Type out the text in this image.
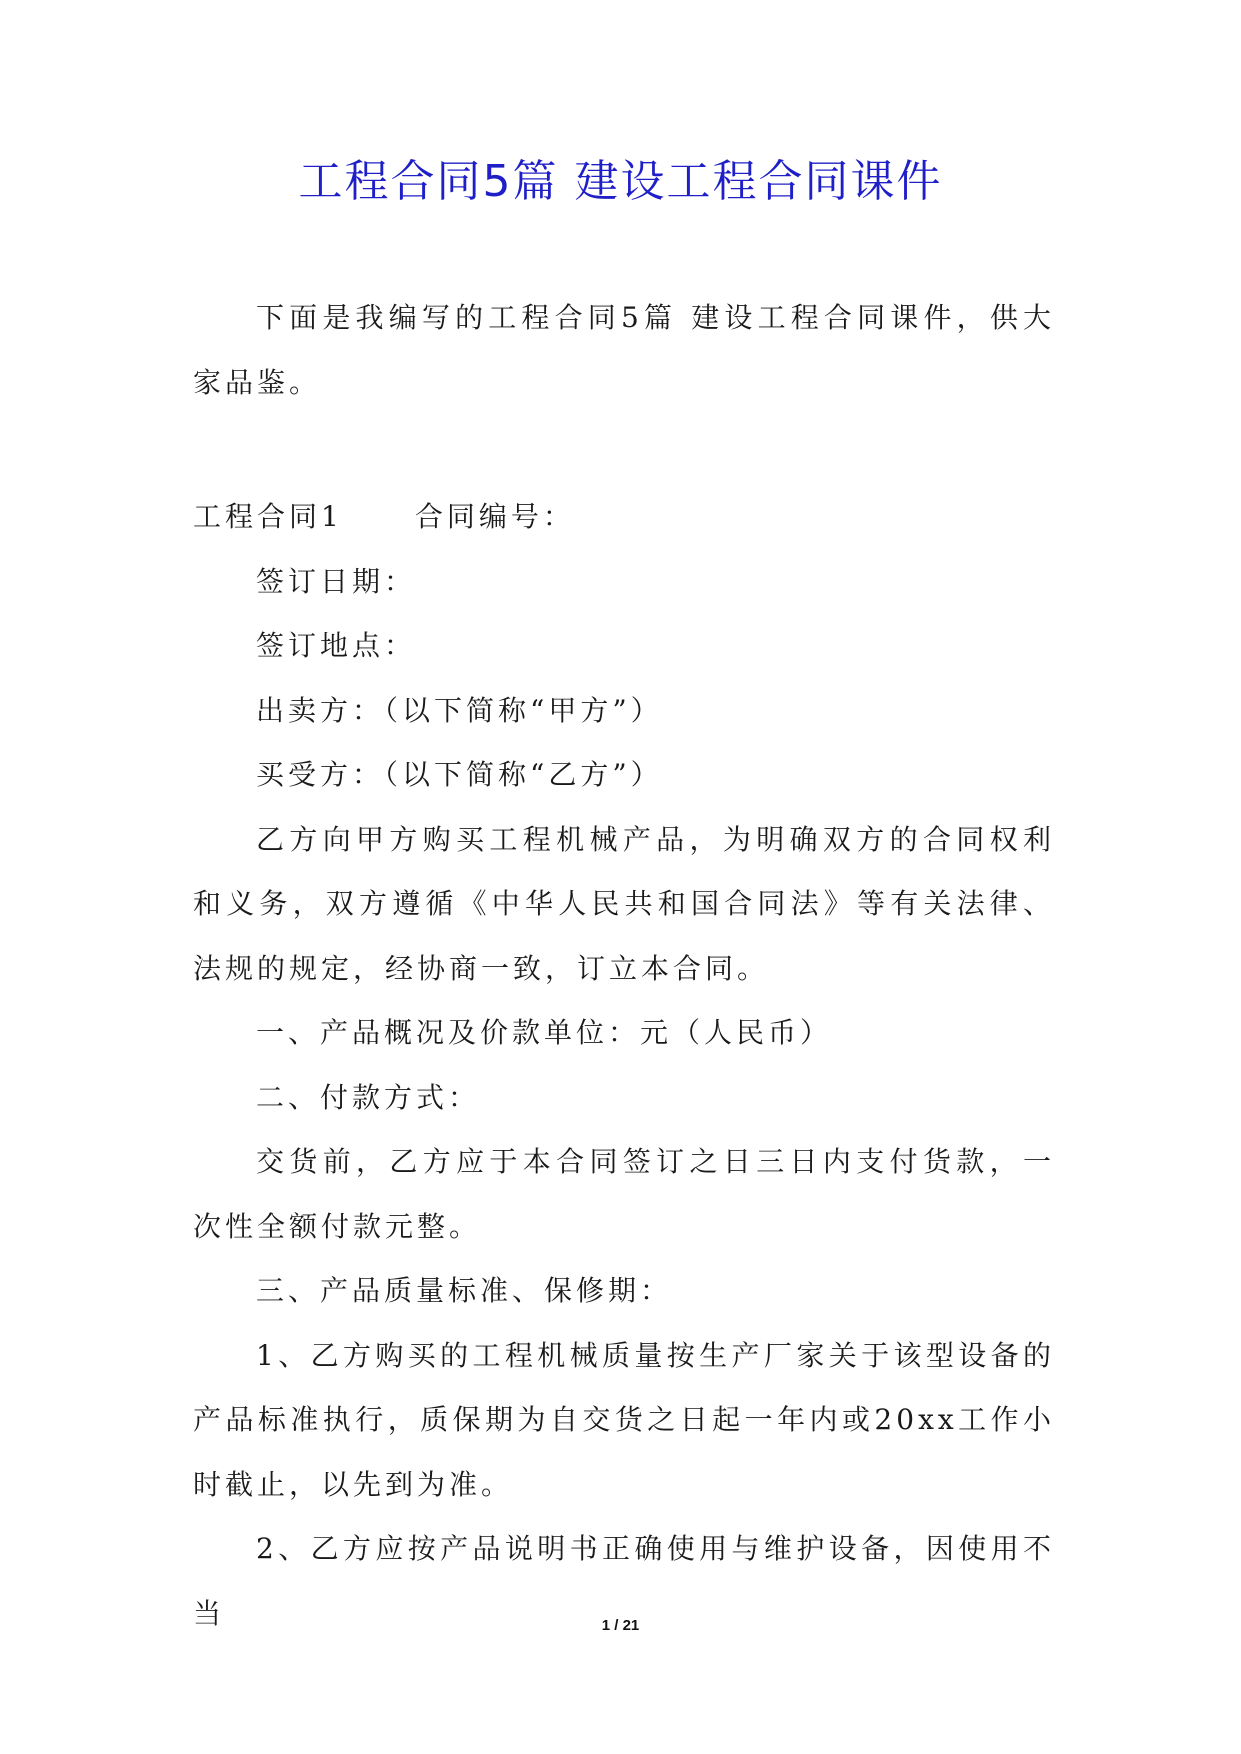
工程合同5篇 建设工程合同课件

下面是我编写的工程合同5篇 建设工程合同课件，供大家品鉴。

工程合同1	合同编号：

签订日期：

签订地点：

出卖方：（以下简称“甲方”）

买受方：（以下简称“乙方”）

乙方向甲方购买工程机械产品，为明确双方的合同权利和义务，双方遵循《中华人民共和国合同法》等有关法律、法规的规定，经协商一致，订立本合同。

一、产品概况及价款单位：元（人民币）

二、付款方式：

交货前，乙方应于本合同签订之日三日内支付货款，一次性全额付款元整。

三、产品质量标准、保修期：

1、乙方购买的工程机械质量按生产厂家关于该型设备的产品标准执行，质保期为自交货之日起一年内或20xx工作小时截止，以先到为准。

2、乙方应按产品说明书正确使用与维护设备，因使用不当	1 / 21
